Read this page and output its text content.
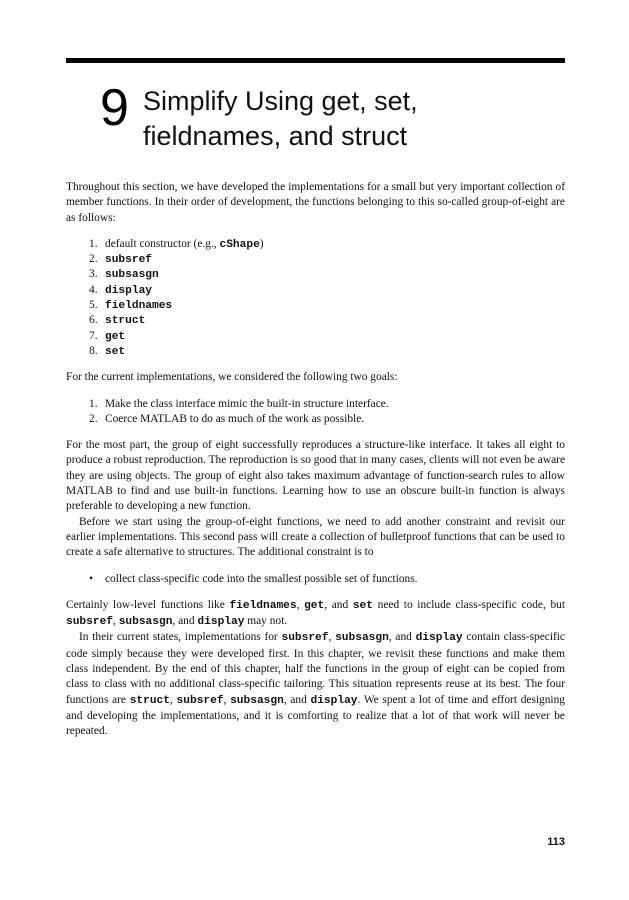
9 Simplify Using get, set,
fieldnames, and struct

Throughout this section, we have developed the implementations for a small but very important collection of member functions. In their order of development, the functions belonging to this so-called group-of-eight are as follows:

1. default constructor (e.g., cShape)
2. subsref
3. subsasgn
4. display
5. fieldnames
6. struct
7. get
8. set

For the current implementations, we considered the following two goals:

1. Make the class interface mimic the built-in structure interface.
2. Coerce MATLAB to do as much of the work as possible.

For the most part, the group of eight successfully reproduces a structure-like interface. It takes all eight to produce a robust reproduction. The reproduction is so good that in many cases, clients will not even be aware they are using objects. The group of eight also takes maximum advantage of function-search rules to allow MATLAB to find and use built-in functions. Learning how to use an obscure built-in function is always preferable to developing a new function.

Before we start using the group-of-eight functions, we need to add another constraint and revisit our earlier implementations. This second pass will create a collection of bulletproof functions that can be used to create a safe alternative to structures. The additional constraint is to

• collect class-specific code into the smallest possible set of functions.

Certainly low-level functions like fieldnames, get, and set need to include class-specific code, but subsref, subsasgn, and display may not.

In their current states, implementations for subsref, subsasgn, and display contain class-specific code simply because they were developed first. In this chapter, we revisit these functions and make them class independent. By the end of this chapter, half the functions in the group of eight can be copied from class to class with no additional class-specific tailoring. This situation represents reuse at its best. The four functions are struct, subsref, subsasgn, and display. We spent a lot of time and effort designing and developing the implementations, and it is comforting to realize that a lot of that work will never be repeated.

113
